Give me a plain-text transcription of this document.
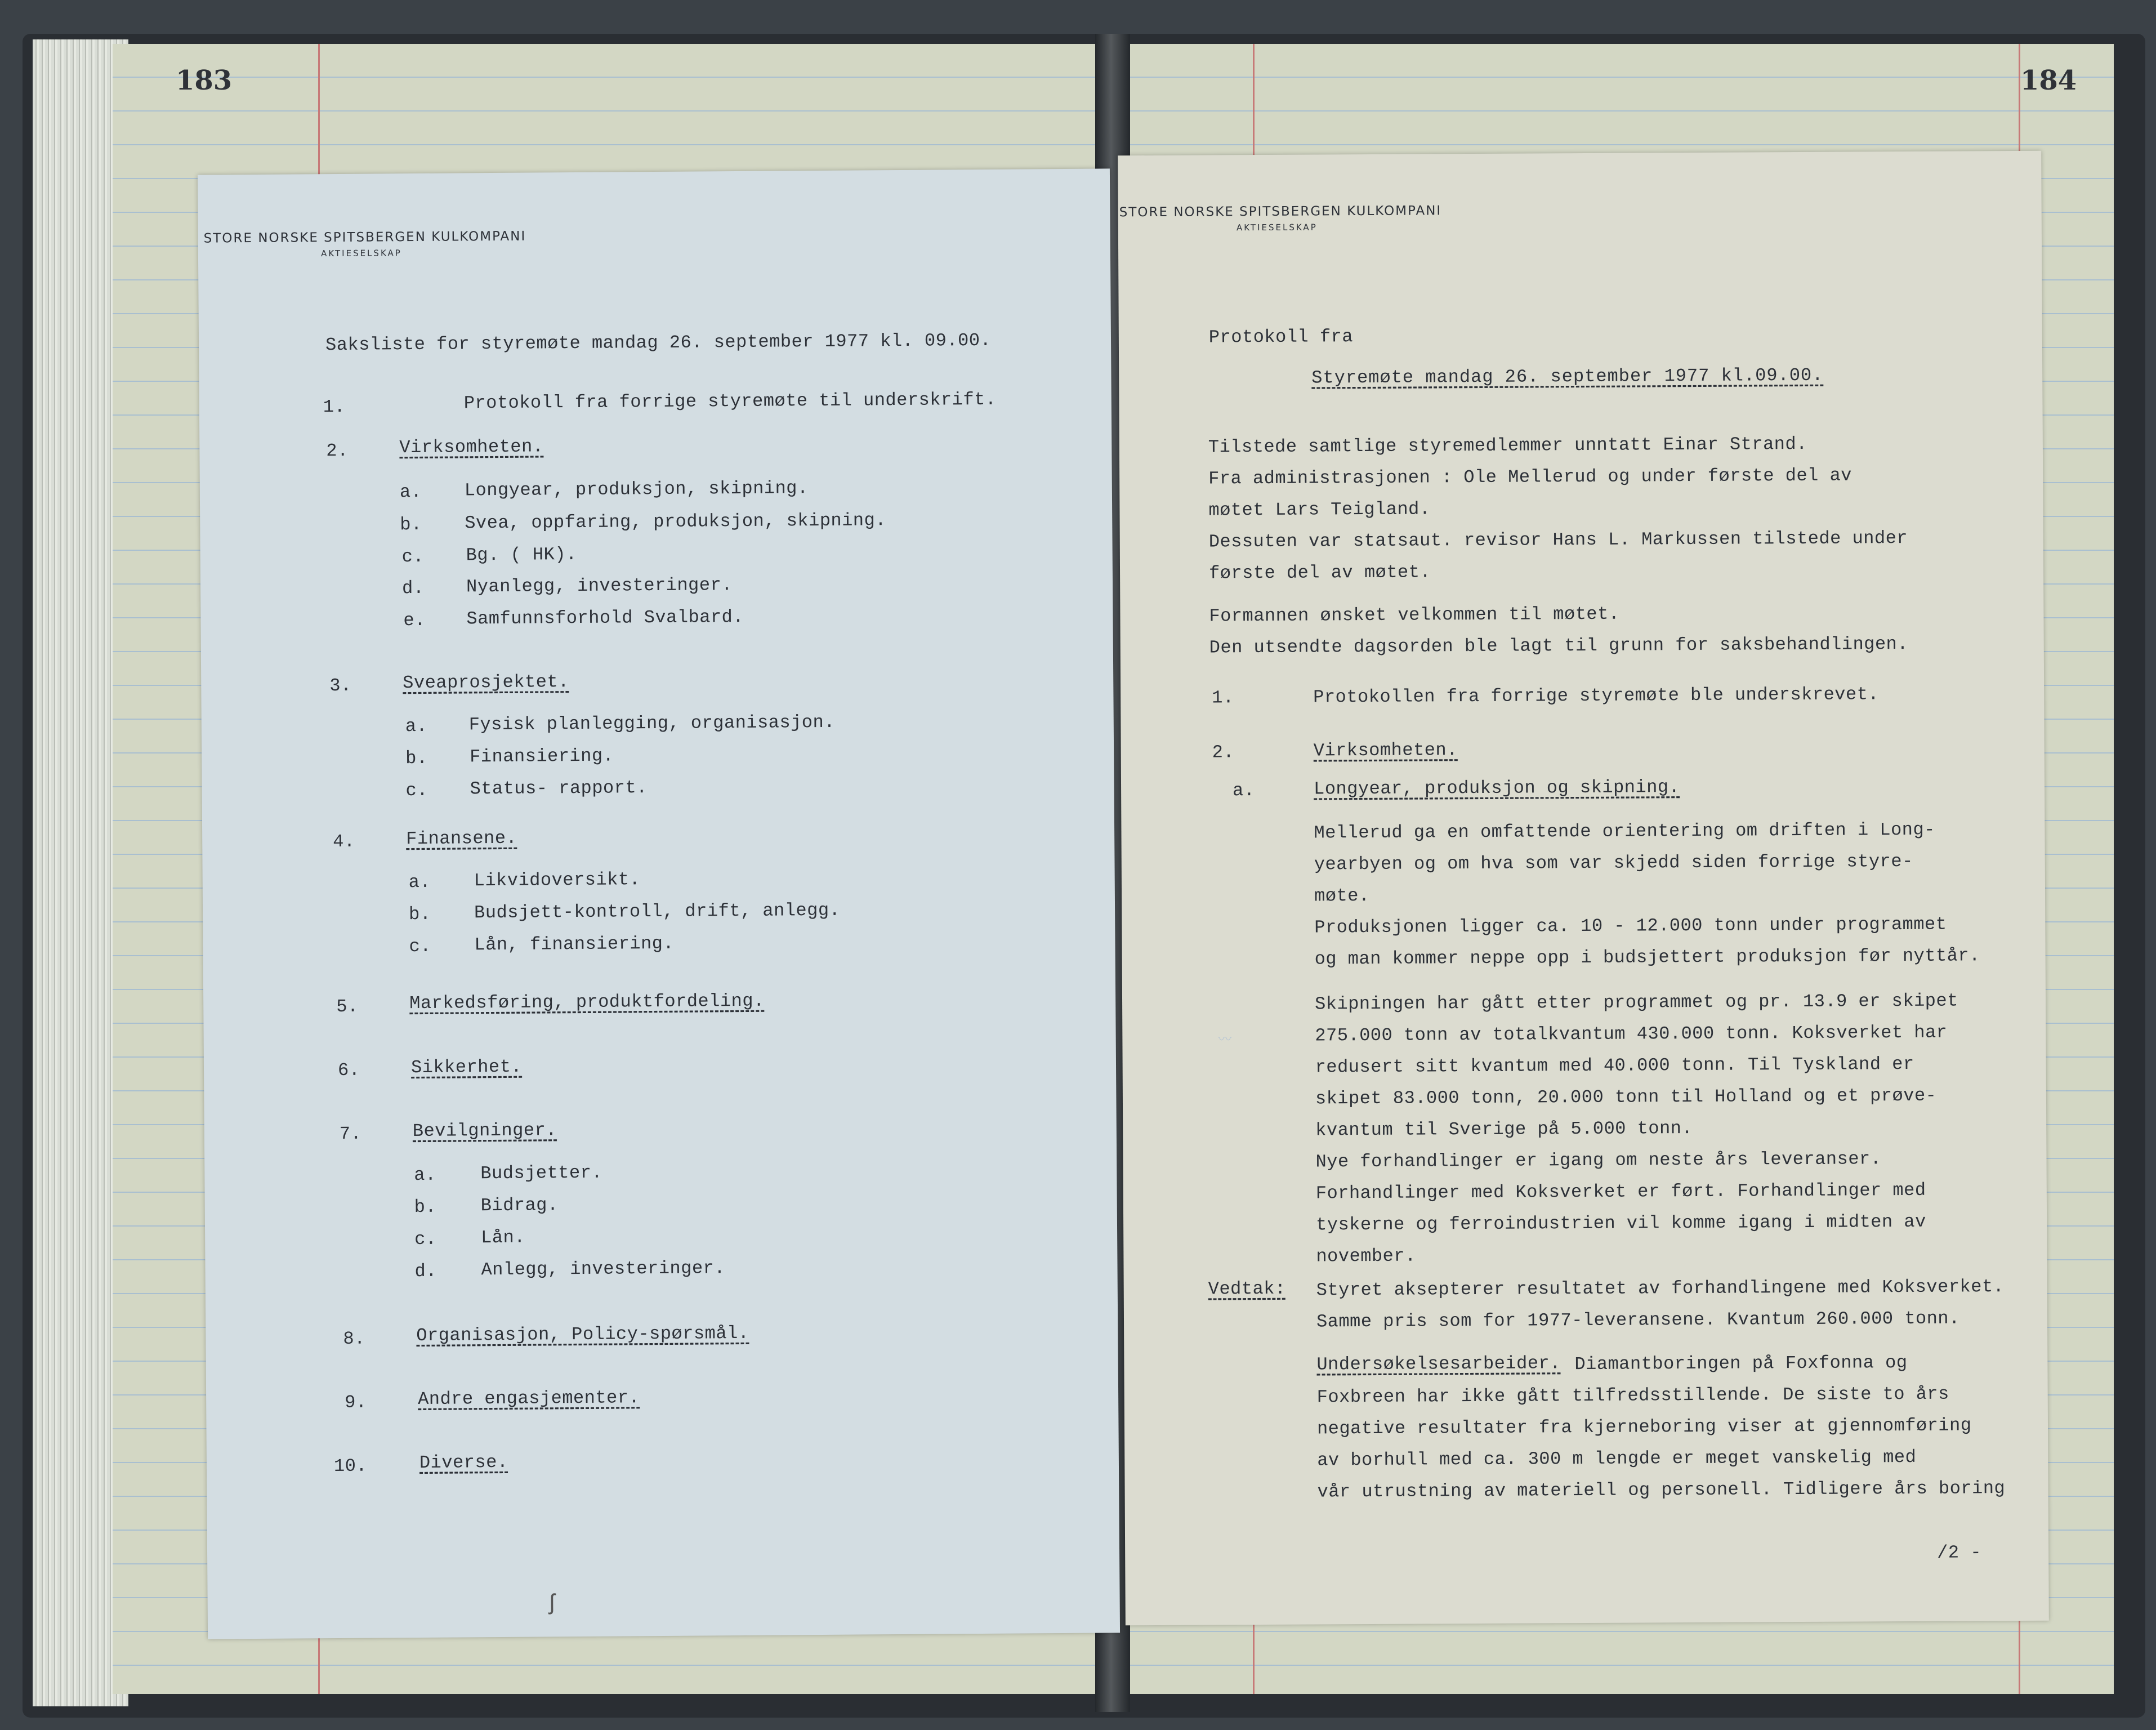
183	184
STORE NORSKE SPITSBERGEN KULKOMPANI
AKTIESELSKAP
Saksliste for styremøte mandag 26. september 1977 kl. 09.00.
1.	Protokoll fra forrige styremøte til underskrift.
2.	Virksomheten.
a. Longyear, produksjon, skipning.
b. Svea, oppfaring, produksjon, skipning.
c. Bg. ( HK).
d. Nyanlegg, investeringer.
e. Samfunnsforhold Svalbard.
3.	Sveaprosjektet.
a. Fysisk planlegging, organisasjon.
b. Finansiering.
c. Status- rapport.
4.	Finansene.
a. Likvidoversikt.
b. Budsjett-kontroll, drift, anlegg.
c. Lån, finansiering.
5.	Markedsføring, produktfordeling.
6.	Sikkerhet.
7.	Bevilgninger.
a. Budsjetter.
b. Bidrag.
c. Lån.
d. Anlegg, investeringer.
8.	Organisasjon, Policy-spørsmål.
9.	Andre engasjementer.
10.	Diverse.
ʃ
STORE NORSKE SPITSBERGEN KULKOMPANI
AKTIESELSKAP
Protokoll fra
Styremøte mandag 26. september 1977 kl.09.00.
Tilstede samtlige styremedlemmer unntatt Einar Strand.
Fra administrasjonen : Ole Mellerud og under første del av
møtet Lars Teigland.
Dessuten var statsaut. revisor Hans L. Markussen tilstede under
første del av møtet.
Formannen ønsket velkommen til møtet.
Den utsendte dagsorden ble lagt til grunn for saksbehandlingen.
1.	Protokollen fra forrige styremøte ble underskrevet.
2.	Virksomheten.
a.	Longyear, produksjon og skipning.
Mellerud ga en omfattende orientering om driften i Long-
yearbyen og om hva som var skjedd siden forrige styre-
møte.
Produksjonen ligger ca. 10 - 12.000 tonn under programmet
og man kommer neppe opp i budsjettert produksjon før nyttår.
〰
Skipningen har gått etter programmet og pr. 13.9 er skipet
275.000 tonn av totalkvantum 430.000 tonn. Koksverket har
redusert sitt kvantum med 40.000 tonn. Til Tyskland er
skipet 83.000 tonn, 20.000 tonn til Holland og et prøve-
kvantum til Sverige på 5.000 tonn.
Nye forhandlinger er igang om neste års leveranser.
Forhandlinger med Koksverket er ført. Forhandlinger med
tyskerne og ferroindustrien vil komme igang i midten av
november.
Vedtak: Styret aksepterer resultatet av forhandlingene med Koksverket.
Samme pris som for 1977-leveransene. Kvantum 260.000 tonn.
Undersøkelsesarbeider. Diamantboringen på Foxfonna og
Foxbreen har ikke gått tilfredsstillende. De siste to års
negative resultater fra kjerneboring viser at gjennomføring
av borhull med ca. 300 m lengde er meget vanskelig med
vår utrustning av materiell og personell. Tidligere års boring
/2 -
